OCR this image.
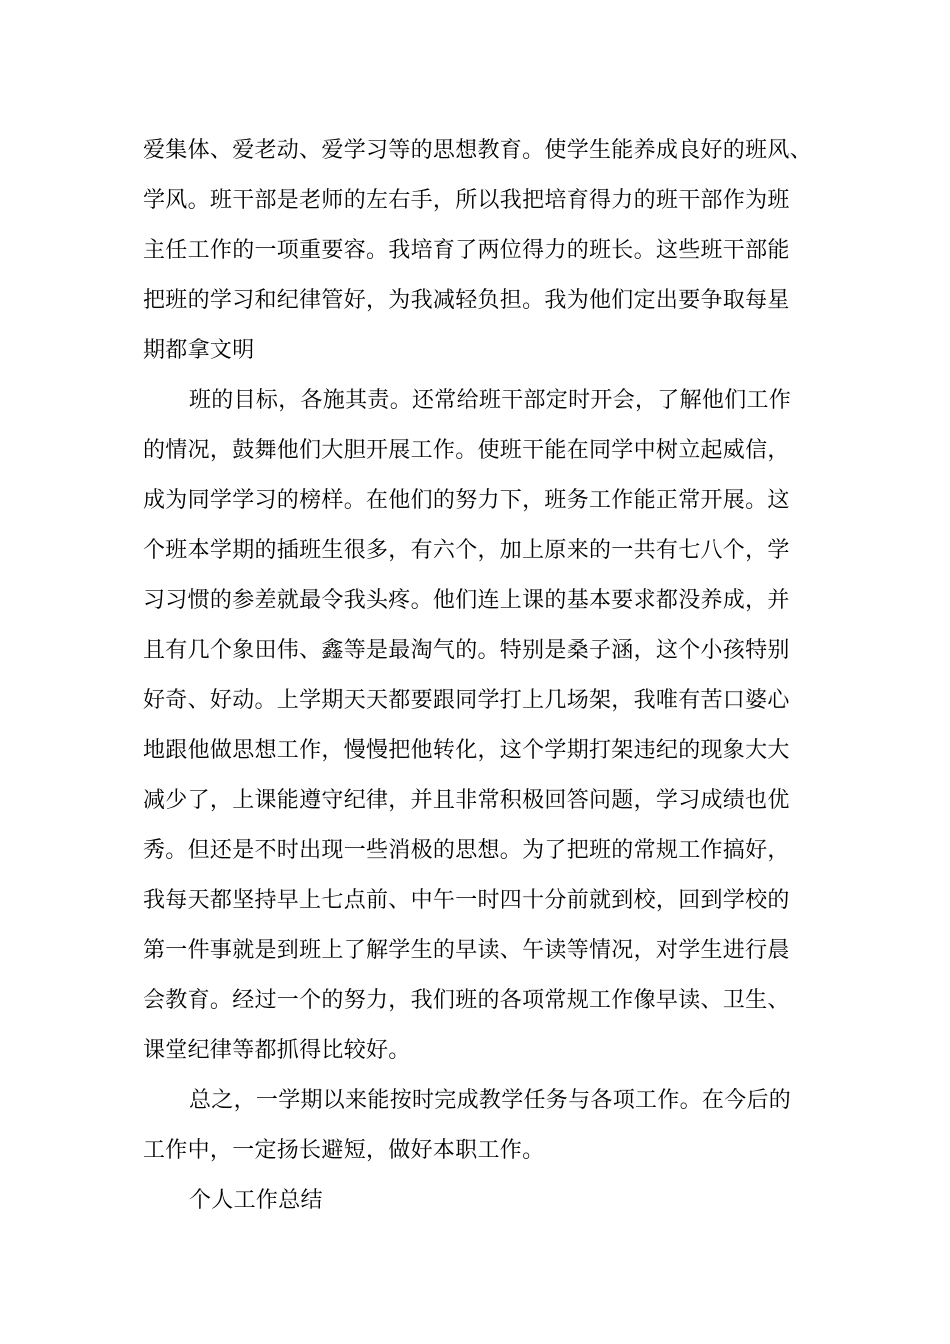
爱集体、爱老动、爱学习等的思想教育。使学生能养成良好的班风、
学风。班干部是老师的左右手，所以我把培育得力的班干部作为班
主任工作的一项重要容。我培育了两位得力的班长。这些班干部能
把班的学习和纪律管好，为我减轻负担。我为他们定出要争取每星
期都拿文明
班的目标，各施其责。还常给班干部定时开会，了解他们工作
的情况，鼓舞他们大胆开展工作。使班干能在同学中树立起威信，
成为同学学习的榜样。在他们的努力下，班务工作能正常开展。这
个班本学期的插班生很多，有六个，加上原来的一共有七八个，学
习习惯的参差就最令我头疼。他们连上课的基本要求都没养成，并
且有几个象田伟、鑫等是最淘气的。特别是桑子涵，这个小孩特别
好奇、好动。上学期天天都要跟同学打上几场架，我唯有苦口婆心
地跟他做思想工作，慢慢把他转化，这个学期打架违纪的现象大大
减少了，上课能遵守纪律，并且非常积极回答问题，学习成绩也优
秀。但还是不时出现一些消极的思想。为了把班的常规工作搞好，
我每天都坚持早上七点前、中午一时四十分前就到校，回到学校的
第一件事就是到班上了解学生的早读、午读等情况，对学生进行晨
会教育。经过一个的努力，我们班的各项常规工作像早读、卫生、
课堂纪律等都抓得比较好。
总之，一学期以来能按时完成教学任务与各项工作。在今后的
工作中，一定扬长避短，做好本职工作。
个人工作总结
